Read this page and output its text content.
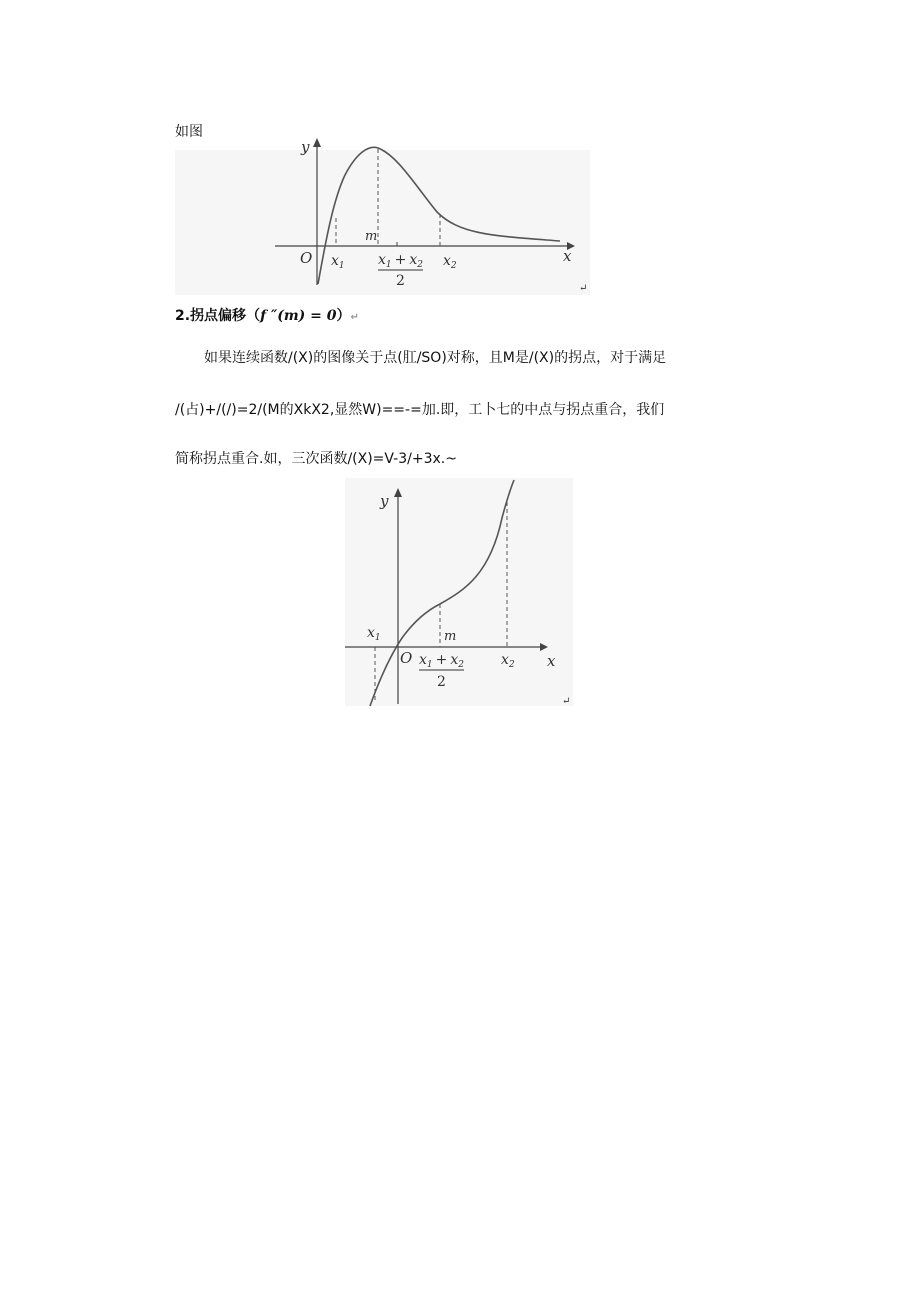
如图
y
x
O
m
$x_1$	$x_2$
$x_1 + x_2$
2	↵
2.拐点偏移（f ″(m) = 0）↵
如果连续函数/(X)的图像关于点(肛/SO)对称，且M是/(X)的拐点，对于满足
/(占)+/(/)=2/(M的XkX2,显然W)==-=加.即，工卜七的中点与拐点重合，我们
简称拐点重合.如，三次函数/(X)=V-3/+3x.~
y
x
O
m
$x_1$
$x_2$
$x_1 + x_2$
2
↵
